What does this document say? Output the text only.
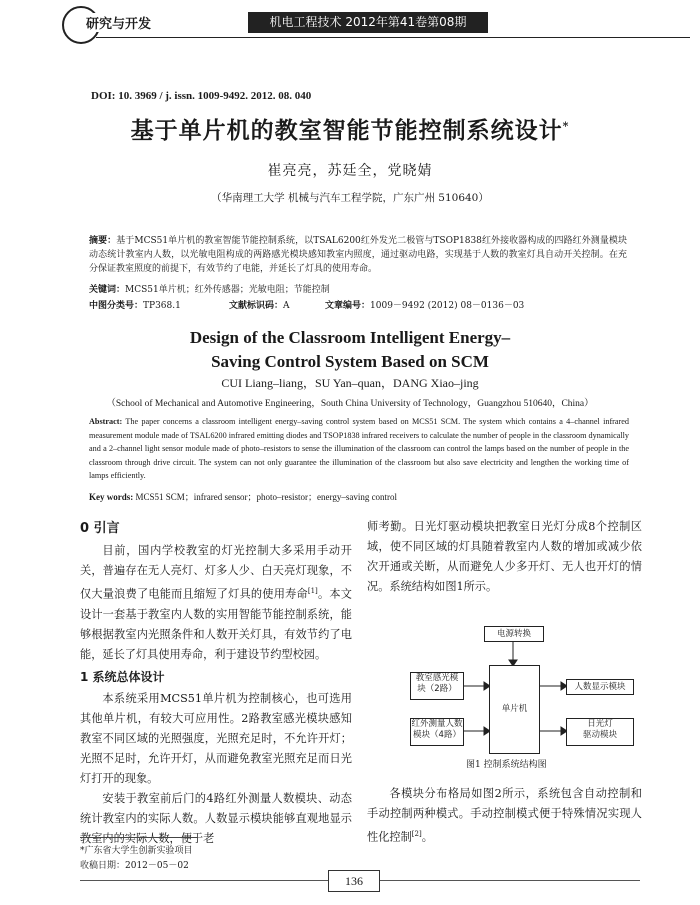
研究与开发	机电工程技术 2012年第41卷第08期
DOI: 10. 3969 / j. issn. 1009-9492. 2012. 08. 040
基于单片机的教室智能节能控制系统设计*
崔亮亮，苏廷全，党晓婧
（华南理工大学 机械与汽车工程学院，广东广州 510640）
摘要：基于MCS51单片机的教室智能节能控制系统，以TSAL6200红外发光二极管与TSOP1838红外接收器构成的四路红外测量模块动态统计教室内人数，以光敏电阻构成的两路感光模块感知教室内照度，通过驱动电路，实现基于人数的教室灯具自动开关控制。在充分保证教室照度的前提下，有效节约了电能，并延长了灯具的使用寿命。
关键词：MCS51单片机；红外传感器；光敏电阻；节能控制
中图分类号：TP368.1	文献标识码：A	文章编号：1009－9492 (2012) 08－0136－03
Design of the Classroom Intelligent Energy–Saving Control System Based on SCM
CUI Liang–liang，SU Yan–quan，DANG Xiao–jing
（School of Mechanical and Automotive Engineering，South China University of Technology，Guangzhou 510640，China）
Abstract: The paper concerns a classroom intelligent energy–saving control system based on MCS51 SCM. The system which contains a 4–channel infrared measurement module made of TSAL6200 infrared emitting diodes and TSOP1838 infrared receivers to calculate the number of people in the classroom dynamically and a 2–channel light sensor module made of photo–resistors to sense the illumination of the classroom can control the lamps based on the number of people in the classroom through drive circuit. The system can not only guarantee the illumination of the classroom but also save electricity and lengthen the working time of lamps efficiently.
Key words: MCS51 SCM；infrared sensor；photo–resistor；energy–saving control
0 引言

目前，国内学校教室的灯光控制大多采用手动开关，普遍存在无人亮灯、灯多人少、白天亮灯现象，不仅大量浪费了电能而且缩短了灯具的使用寿命[1]。本文设计一套基于教室内人数的实用智能节能控制系统，能够根据教室内光照条件和人数开关灯具，有效节约了电能，延长了灯具使用寿命，利于建设节约型校园。

1 系统总体设计

本系统采用MCS51单片机为控制核心，也可选用其他单片机，有较大可应用性。2路教室感光模块感知教室不同区域的光照强度，光照充足时，不允许开灯；光照不足时，允许开灯，从而避免教室光照充足而日光灯打开的现象。

安装于教室前后门的4路红外测量人数模块、动态统计教室内的实际人数。人数显示模块能够直观地显示教室内的实际人数，便于老

师考勤。日光灯驱动模块把教室日光灯分成8个控制区域，使不同区域的灯具随着教室内人数的增加或减少依次开通或关断，从而避免人少多开灯、无人也开灯的情况。系统结构如图1所示。

电源转换
教室感光模
块（2路）
红外测量人数
模块（4路）
单片机
人数显示模块
日光灯
驱动模块
图1 控制系统结构图

各模块分布格局如图2所示，系统包含自动控制和手动控制两种模式。手动控制模式便于特殊情况实现人性化控制[2]。

*广东省大学生创新实验项目
收稿日期：2012－05－02
136
